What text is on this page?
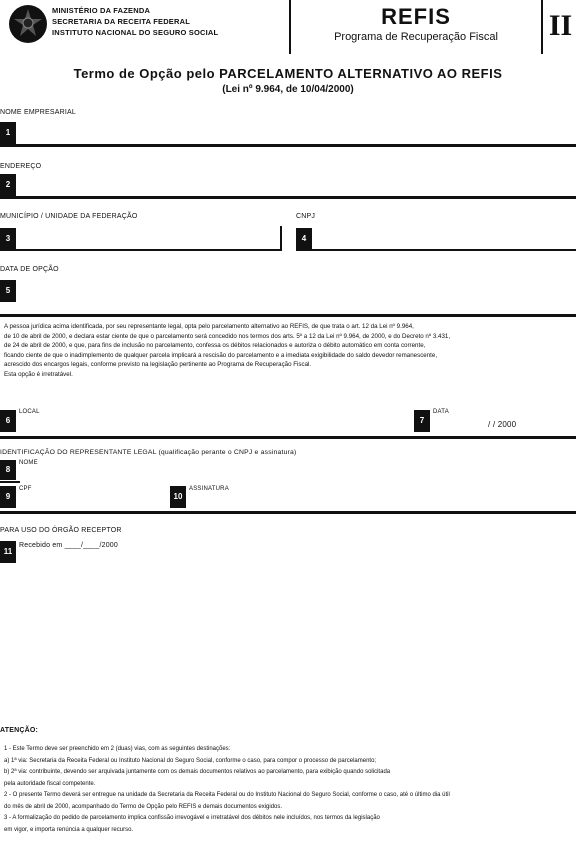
MINISTÉRIO DA FAZENDA
SECRETARIA DA RECEITA FEDERAL
INSTITUTO NACIONAL DO SEGURO SOCIAL
REFIS
Programa de Recuperação Fiscal	II
Termo de Opção pelo PARCELAMENTO ALTERNATIVO AO REFIS
(Lei nº 9.964, de 10/04/2000)
NOME EMPRESARIAL
1
ENDEREÇO
2
MUNICÍPIO / UNIDADE DA FEDERAÇÃO
3
CNPJ
4
DATA DE OPÇÃO
5
A pessoa jurídica acima identificada, por seu representante legal, opta pelo parcelamento alternativo ao REFIS, de que trata o art. 12 da Lei nº 9.964,
de 10 de abril de 2000, e declara estar ciente de que o parcelamento será concedido nos termos dos arts. 5º a 12 da Lei nº 9.964, de 2000, e do Decreto nº 3.431,
de 24 de abril de 2000, e que, para fins de inclusão no parcelamento, confessa os débitos relacionados e autoriza o débito automático em conta corrente,
ficando ciente de que o inadimplemento de qualquer parcela implicará a rescisão do parcelamento e a imediata exigibilidade do saldo devedor remanescente,
acrescido dos encargos legais, conforme previsto na legislação pertinente ao Programa de Recuperação Fiscal.
Esta opção é irretratável.
6
LOCAL
7
DATA
/ / 2000
IDENTIFICAÇÃO DO REPRESENTANTE LEGAL (qualificação perante o CNPJ e assinatura)
8
NOME
9
CPF
10
ASSINATURA
PARA USO DO ÓRGÃO RECEPTOR
11
Recebido em ____/____/2000
ATENÇÃO:
1 - Este Termo deve ser preenchido em 2 (duas) vias, com as seguintes destinações:
a) 1ª via: Secretaria da Receita Federal ou Instituto Nacional do Seguro Social, conforme o caso, para compor o processo de parcelamento;
b) 2ª via: contribuinte, devendo ser arquivada juntamente com os demais documentos relativos ao parcelamento, para exibição quando solicitada
pela autoridade fiscal competente.
2 - O presente Termo deverá ser entregue na unidade da Secretaria da Receita Federal ou do Instituto Nacional do Seguro Social, conforme o caso, até o último dia útil
do mês de abril de 2000, acompanhado do Termo de Opção pelo REFIS e demais documentos exigidos.
3 - A formalização do pedido de parcelamento implica confissão irrevogável e irretratável dos débitos nele incluídos, nos termos da legislação
em vigor, e importa renúncia a qualquer recurso.
